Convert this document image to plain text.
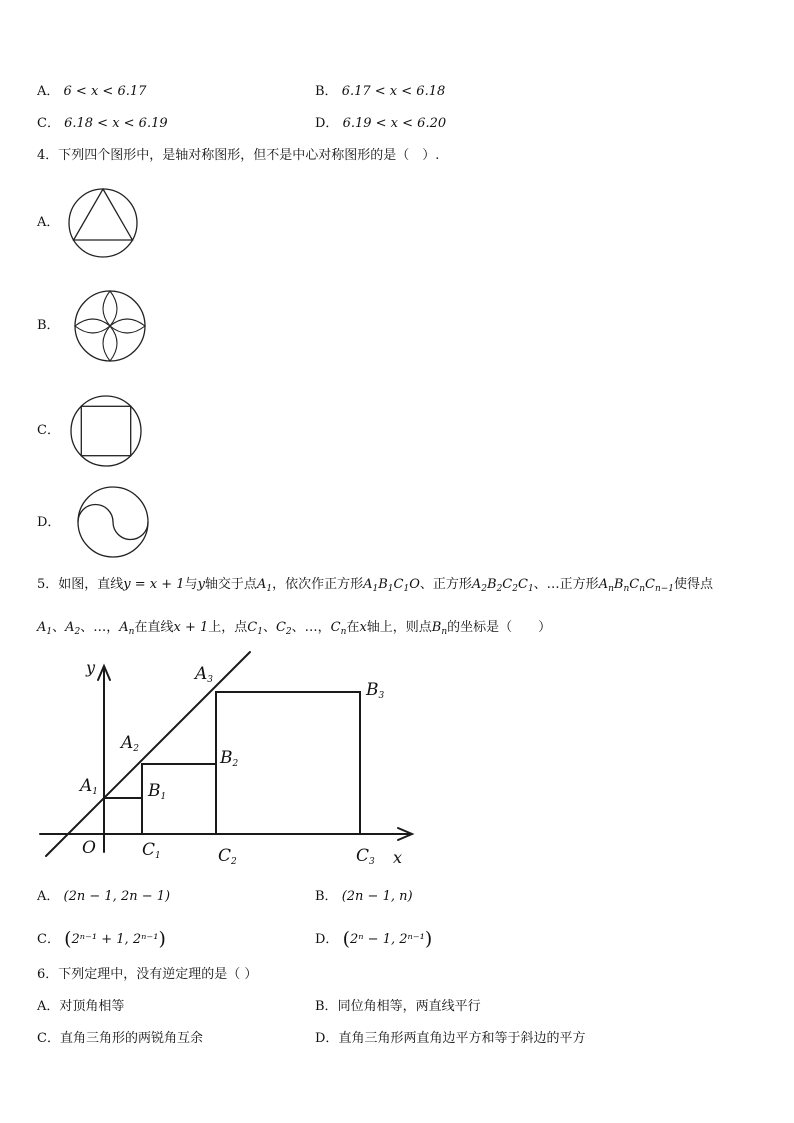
A． 6 < x < 6.17	B． 6.17 < x < 6.18
C． 6.18 < x < 6.19	D． 6.19 < x < 6.20
4．下列四个图形中，是轴对称图形，但不是中心对称图形的是（　）.
A．
B．
C．
D．
5．如图，直线y = x + 1与y轴交于点$A_1$，依次作正方形$A_1B_1C_1O$、正方形$A_2B_2C_2C_1$、…正方形$A_nB_nC_nC_{n-1}$使得点
$A_1$、$A_2$、…，$A_n$在直线x + 1上，点$C_1$、$C_2$、…，$C_n$在x轴上，则点$B_n$的坐标是（　　）
y
x
O
$A_1$
$A_2$
$A_3$
$B_1$
$B_2$
$B_3$
$C_1$	$C_2$	$C_3$
A． (2n − 1, 2n − 1)	B． (2n − 1, n)
C． (2ⁿ⁻¹ + 1, 2ⁿ⁻¹)	D． (2ⁿ − 1, 2ⁿ⁻¹)
6．下列定理中，没有逆定理的是（ ）
A．对顶角相等	B．同位角相等，两直线平行
C．直角三角形的两锐角互余	D．直角三角形两直角边平方和等于斜边的平方
